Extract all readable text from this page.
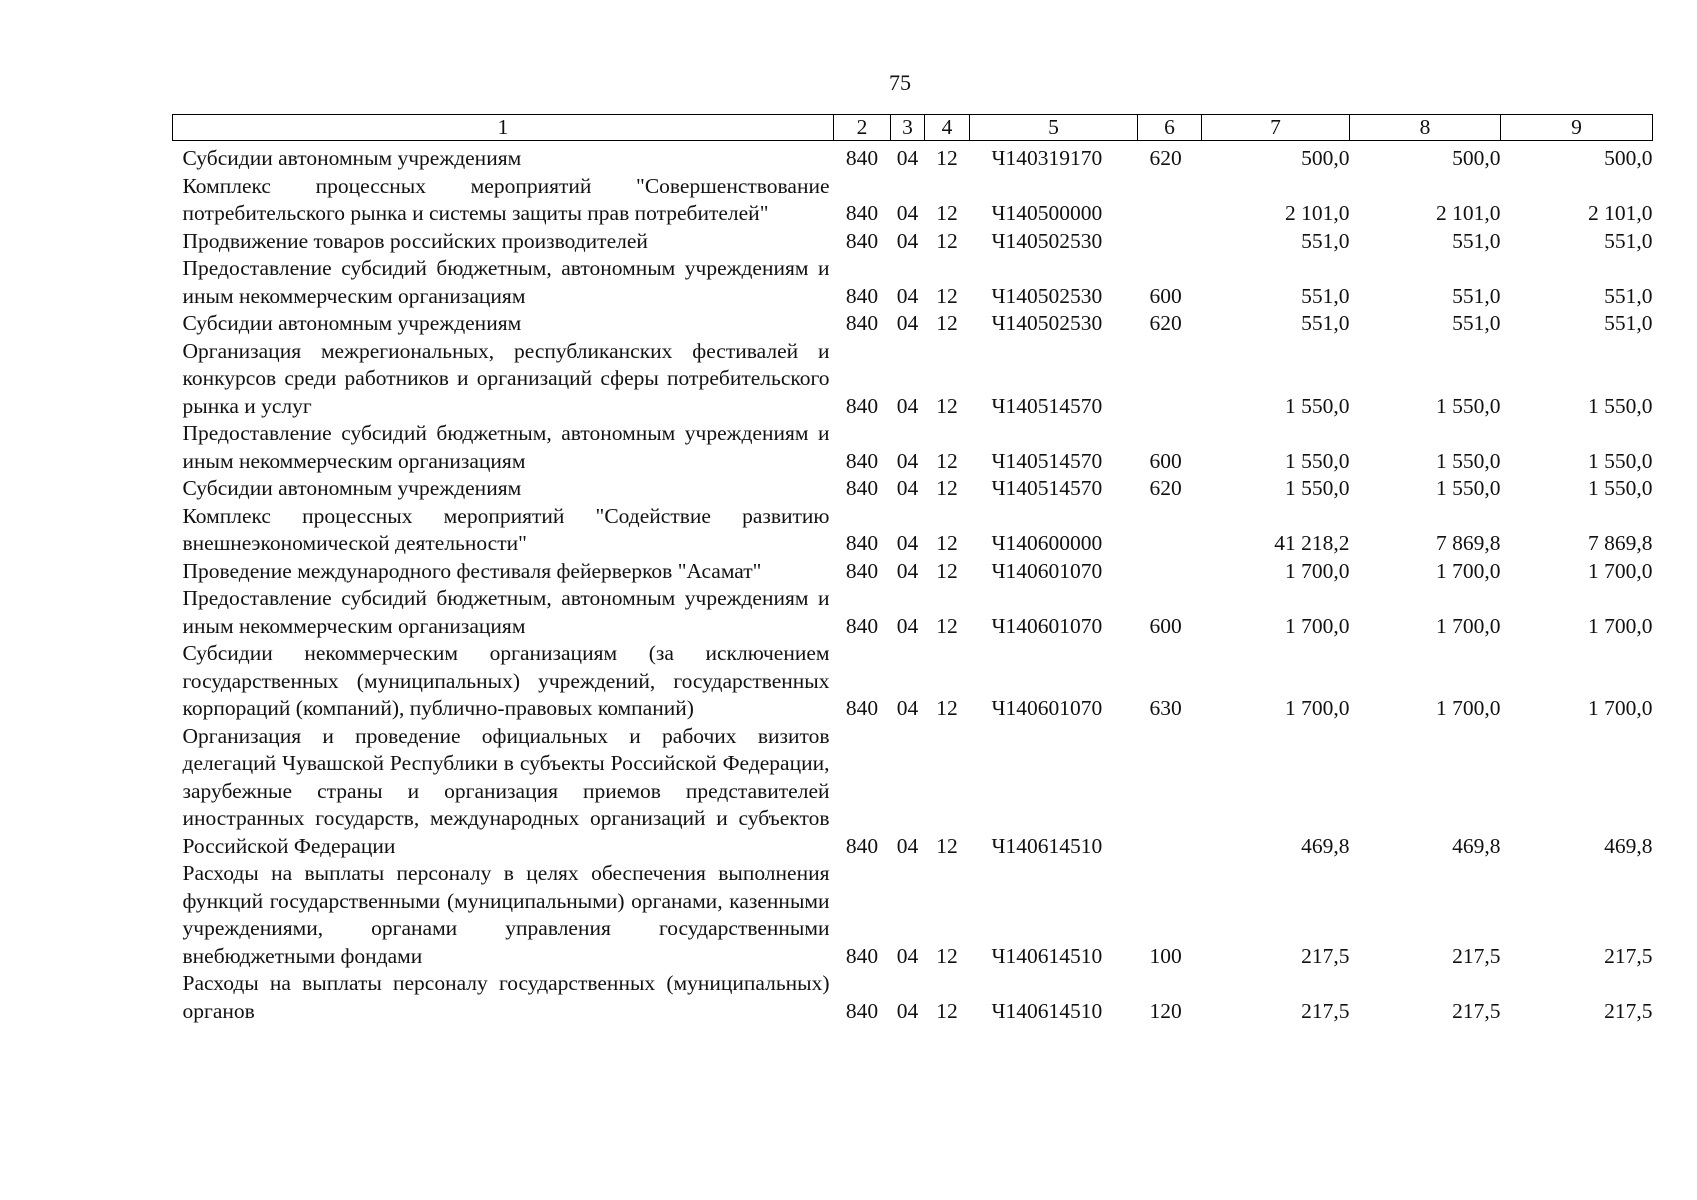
75
1	2	3	4	5	6	7	8	9
Субсидии автономным учреждениям	840	04	12	Ч140319170	620	500,0	500,0	500,0
Комплекс процессных мероприятий "Совершенствование потребительского рынка и системы защиты прав потребителей"	840	04	12	Ч140500000		2 101,0	2 101,0	2 101,0
Продвижение товаров российских производителей	840	04	12	Ч140502530		551,0	551,0	551,0
Предоставление субсидий бюджетным, автономным учреждениям и иным некоммерческим организациям	840	04	12	Ч140502530	600	551,0	551,0	551,0
Субсидии автономным учреждениям	840	04	12	Ч140502530	620	551,0	551,0	551,0
Организация межрегиональных, республиканских фестивалей и конкурсов среди работников и организаций сферы потребительского рынка и услуг	840	04	12	Ч140514570		1 550,0	1 550,0	1 550,0
Предоставление субсидий бюджетным, автономным учреждениям и иным некоммерческим организациям	840	04	12	Ч140514570	600	1 550,0	1 550,0	1 550,0
Субсидии автономным учреждениям	840	04	12	Ч140514570	620	1 550,0	1 550,0	1 550,0
Комплекс процессных мероприятий "Содействие развитию внешнеэкономической деятельности"	840	04	12	Ч140600000		41 218,2	7 869,8	7 869,8
Проведение международного фестиваля фейерверков "Асамат"	840	04	12	Ч140601070		1 700,0	1 700,0	1 700,0
Предоставление субсидий бюджетным, автономным учреждениям и иным некоммерческим организациям	840	04	12	Ч140601070	600	1 700,0	1 700,0	1 700,0
Субсидии некоммерческим организациям (за исключением государственных (муниципальных) учреждений, государственных корпораций (компаний), публично-правовых компаний)	840	04	12	Ч140601070	630	1 700,0	1 700,0	1 700,0
Организация и проведение официальных и рабочих визитов делегаций Чувашской Республики в субъекты Российской Федерации, зарубежные страны и организация приемов представителей иностранных государств, международных организаций и субъектов Российской Федерации	840	04	12	Ч140614510		469,8	469,8	469,8
Расходы на выплаты персоналу в целях обеспечения выполнения функций государственными (муниципальными) органами, казенными учреждениями, органами управления государственными внебюджетными фондами	840	04	12	Ч140614510	100	217,5	217,5	217,5
Расходы на выплаты персоналу государственных (муниципальных) органов	840	04	12	Ч140614510	120	217,5	217,5	217,5
